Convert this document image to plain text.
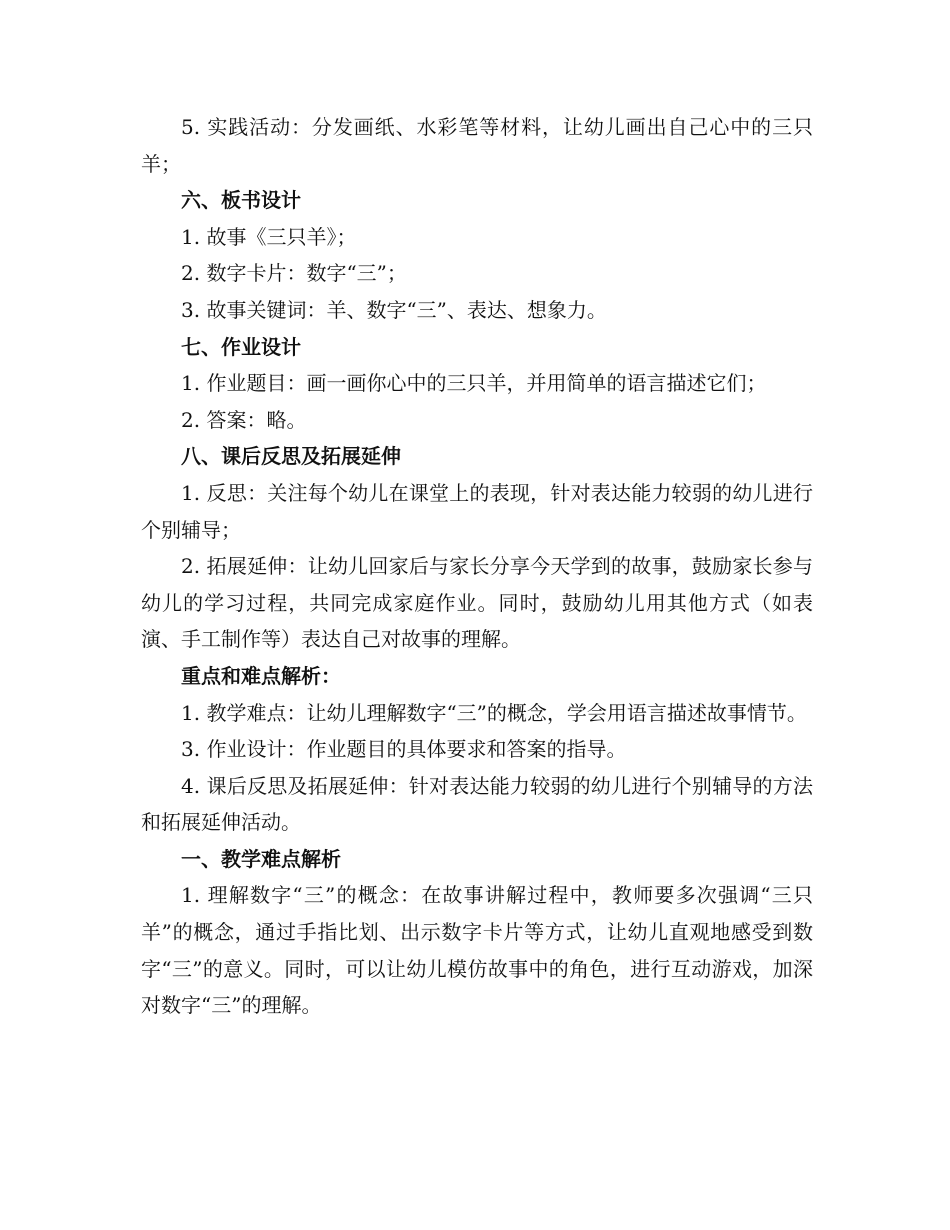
5. 实践活动：分发画纸、水彩笔等材料，让幼儿画出自己心中的三只羊；

六、板书设计

1. 故事《三只羊》；

2. 数字卡片：数字“三”；

3. 故事关键词：羊、数字“三”、表达、想象力。

七、作业设计

1. 作业题目：画一画你心中的三只羊，并用简单的语言描述它们；

2. 答案：略。

八、课后反思及拓展延伸

1. 反思：关注每个幼儿在课堂上的表现，针对表达能力较弱的幼儿进行个别辅导；

2. 拓展延伸：让幼儿回家后与家长分享今天学到的故事，鼓励家长参与幼儿的学习过程，共同完成家庭作业。同时，鼓励幼儿用其他方式（如表演、手工制作等）表达自己对故事的理解。

重点和难点解析：

1. 教学难点：让幼儿理解数字“三”的概念，学会用语言描述故事情节。

3. 作业设计：作业题目的具体要求和答案的指导。

4. 课后反思及拓展延伸：针对表达能力较弱的幼儿进行个别辅导的方法和拓展延伸活动。

一、教学难点解析

1. 理解数字“三”的概念：在故事讲解过程中，教师要多次强调“三只羊”的概念，通过手指比划、出示数字卡片等方式，让幼儿直观地感受到数字“三”的意义。同时，可以让幼儿模仿故事中的角色，进行互动游戏，加深对数字“三”的理解。
